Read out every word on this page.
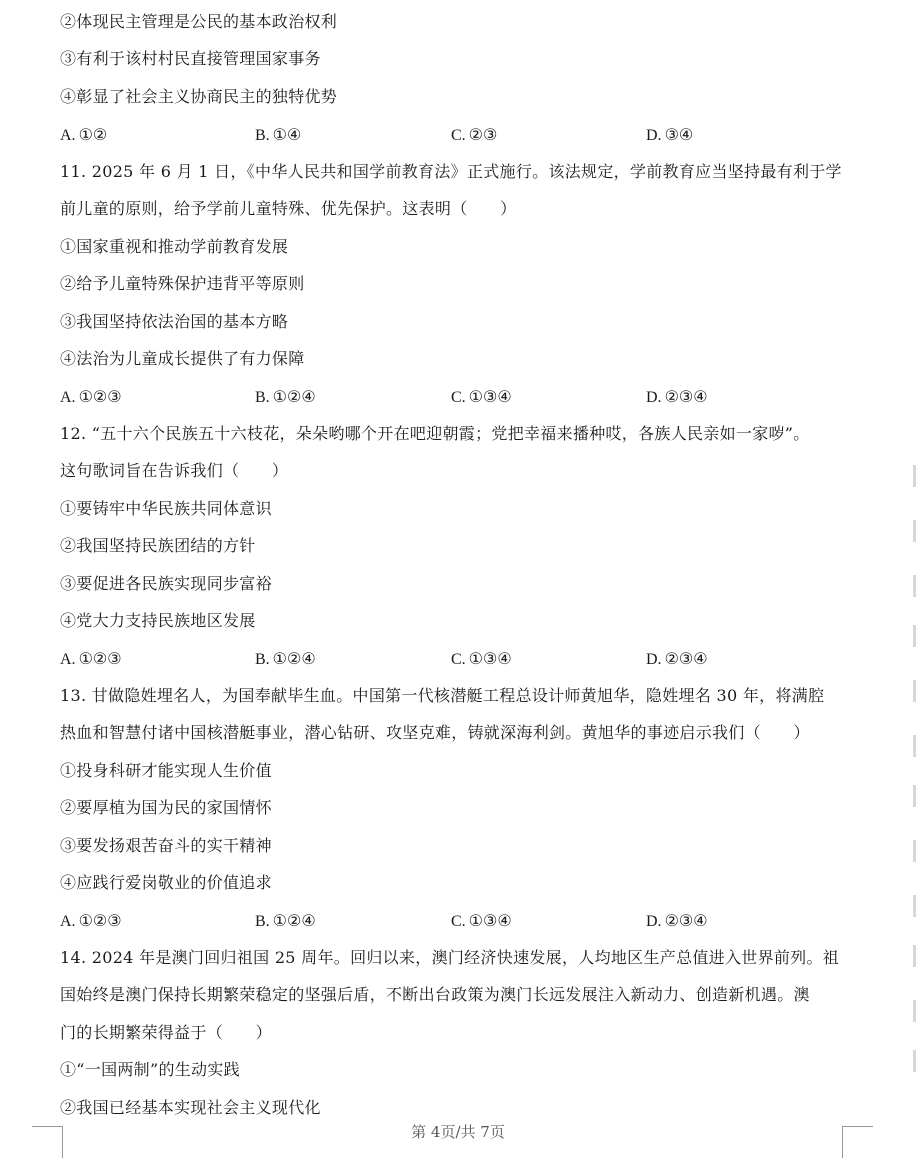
②体现民主管理是公民的基本政治权利
③有利于该村村民直接管理国家事务
④彰显了社会主义协商民主的独特优势
A. ①②	B. ①④	C. ②③	D. ③④
11. 2025 年 6 月 1 日，《中华人民共和国学前教育法》正式施行。该法规定，学前教育应当坚持最有利于学
前儿童的原则，给予学前儿童特殊、优先保护。这表明（　　）
①国家重视和推动学前教育发展
②给予儿童特殊保护违背平等原则
③我国坚持依法治国的基本方略
④法治为儿童成长提供了有力保障
A. ①②③	B. ①②④	C. ①③④	D. ②③④
12. “五十六个民族五十六枝花，朵朵哟哪个开在吧迎朝霞；党把幸福来播种哎，各族人民亲如一家哕”。
这句歌词旨在告诉我们（　　）
①要铸牢中华民族共同体意识
②我国坚持民族团结的方针
③要促进各民族实现同步富裕
④党大力支持民族地区发展
A. ①②③	B. ①②④	C. ①③④	D. ②③④
13. 甘做隐姓埋名人，为国奉献毕生血。中国第一代核潜艇工程总设计师黄旭华，隐姓埋名 30 年，将满腔
热血和智慧付诸中国核潜艇事业，潜心钻研、攻坚克难，铸就深海利剑。黄旭华的事迹启示我们（　　）
①投身科研才能实现人生价值
②要厚植为国为民的家国情怀
③要发扬艰苦奋斗的实干精神
④应践行爱岗敬业的价值追求
A. ①②③	B. ①②④	C. ①③④	D. ②③④
14. 2024 年是澳门回归祖国 25 周年。回归以来，澳门经济快速发展，人均地区生产总值进入世界前列。祖
国始终是澳门保持长期繁荣稳定的坚强后盾，不断出台政策为澳门长远发展注入新动力、创造新机遇。澳
门的长期繁荣得益于（　　）
①“一国两制”的生动实践
②我国已经基本实现社会主义现代化
第 4页/共 7页
